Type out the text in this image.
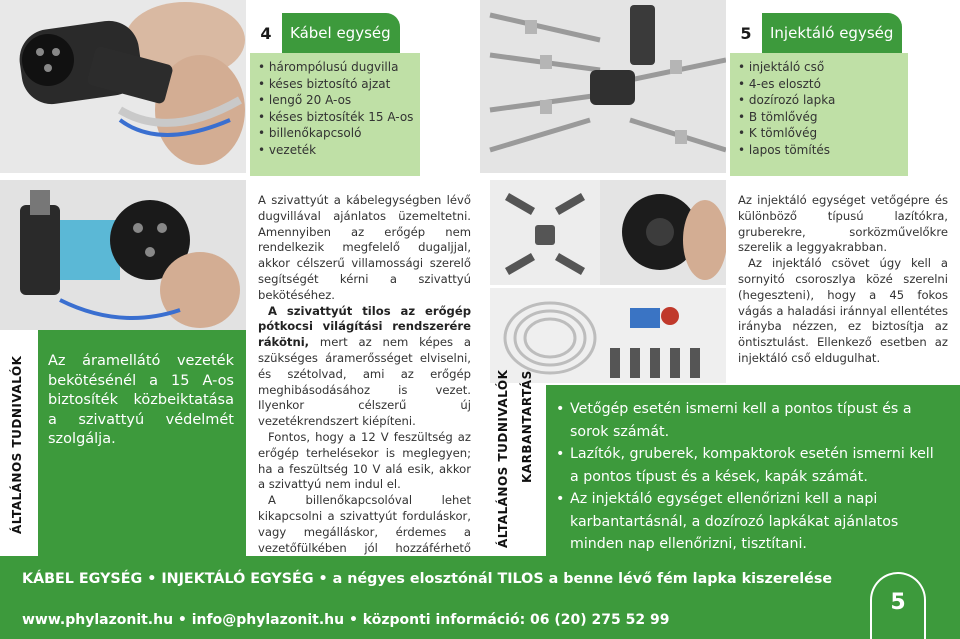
4	Kábel egység
• hárompólusú dugvilla
• késes biztosító ajzat
• lengő 20 A-os
• késes biztosíték 15 A-os
• billenőkapcsoló
• vezeték
5	Injektáló egység
• injektáló cső
• 4-es elosztó
• dozírozó lapka
• B tömlővég
• K tömlővég
• lapos tömítés
ÁLTALÁNOS TUDNIVALÓK Az áramellátó vezeték bekötésénél a 15 A-os biztosíték közbeiktatása a szivattyú védelmét szolgálja.

A szivattyút a kábelegységben lévő dugvillával ajánlatos üzemeltetni. Amennyiben az erőgép nem rendelkezik megfelelő dugaljjal, akkor célszerű villamossági szerelő segítségét kérni a szivattyú bekötéséhez.

A szivattyút tilos az erőgép pótkocsi világítási rendszerére rákötni, mert az nem képes a szükséges áramerősséget elviselni, és szétolvad, ami az erőgép meghibásodásához is vezet. Ilyenkor célszerű új vezetékrendszert kiépíteni.

Fontos, hogy a 12 V feszültség az erőgép terhelésekor is meglegyen; ha a feszültség 10 V alá esik, akkor a szivattyú nem indul el.

A billenőkapcsolóval lehet kikapcsolni a szivattyút forduláskor, vagy megálláskor, érdemes a vezetőfülkében jól hozzáférhető ÁLTALÁNOS TUDNIVALÓK KARBANTARTÁS

Az injektáló egységet vetőgépre és különböző típusú lazítókra, gruberekre, sorközművelőkre szerelik a leggyakrabban.

Az injektáló csövet úgy kell a sornyitó csoroszlya közé szerelni (hegeszteni), hogy a 45 fokos vágás a haladási iránnyal ellentétes irányba nézzen, ez biztosítja az öntisztulást. Ellenkező esetben az injektáló cső eldugulhat.

• Vetőgép esetén ismerni kell a pontos típust és a sorok számát.
• Lazítók, gruberek, kompaktorok esetén ismerni kell a pontos típust és a kések, kapák számát.
• Az injektáló egységet ellenőrizni kell a napi karbantartásnál, a dozírozó lapkákat ajánlatos minden nap ellenőrizni, tisztítani.
KÁBEL EGYSÉG • INJEKTÁLÓ EGYSÉG • a négyes elosztónál TILOS a benne lévő fém lapka kiszerelése
www.phylazonit.hu • info@phylazonit.hu • központi információ: 06 (20) 275 52 99
5
